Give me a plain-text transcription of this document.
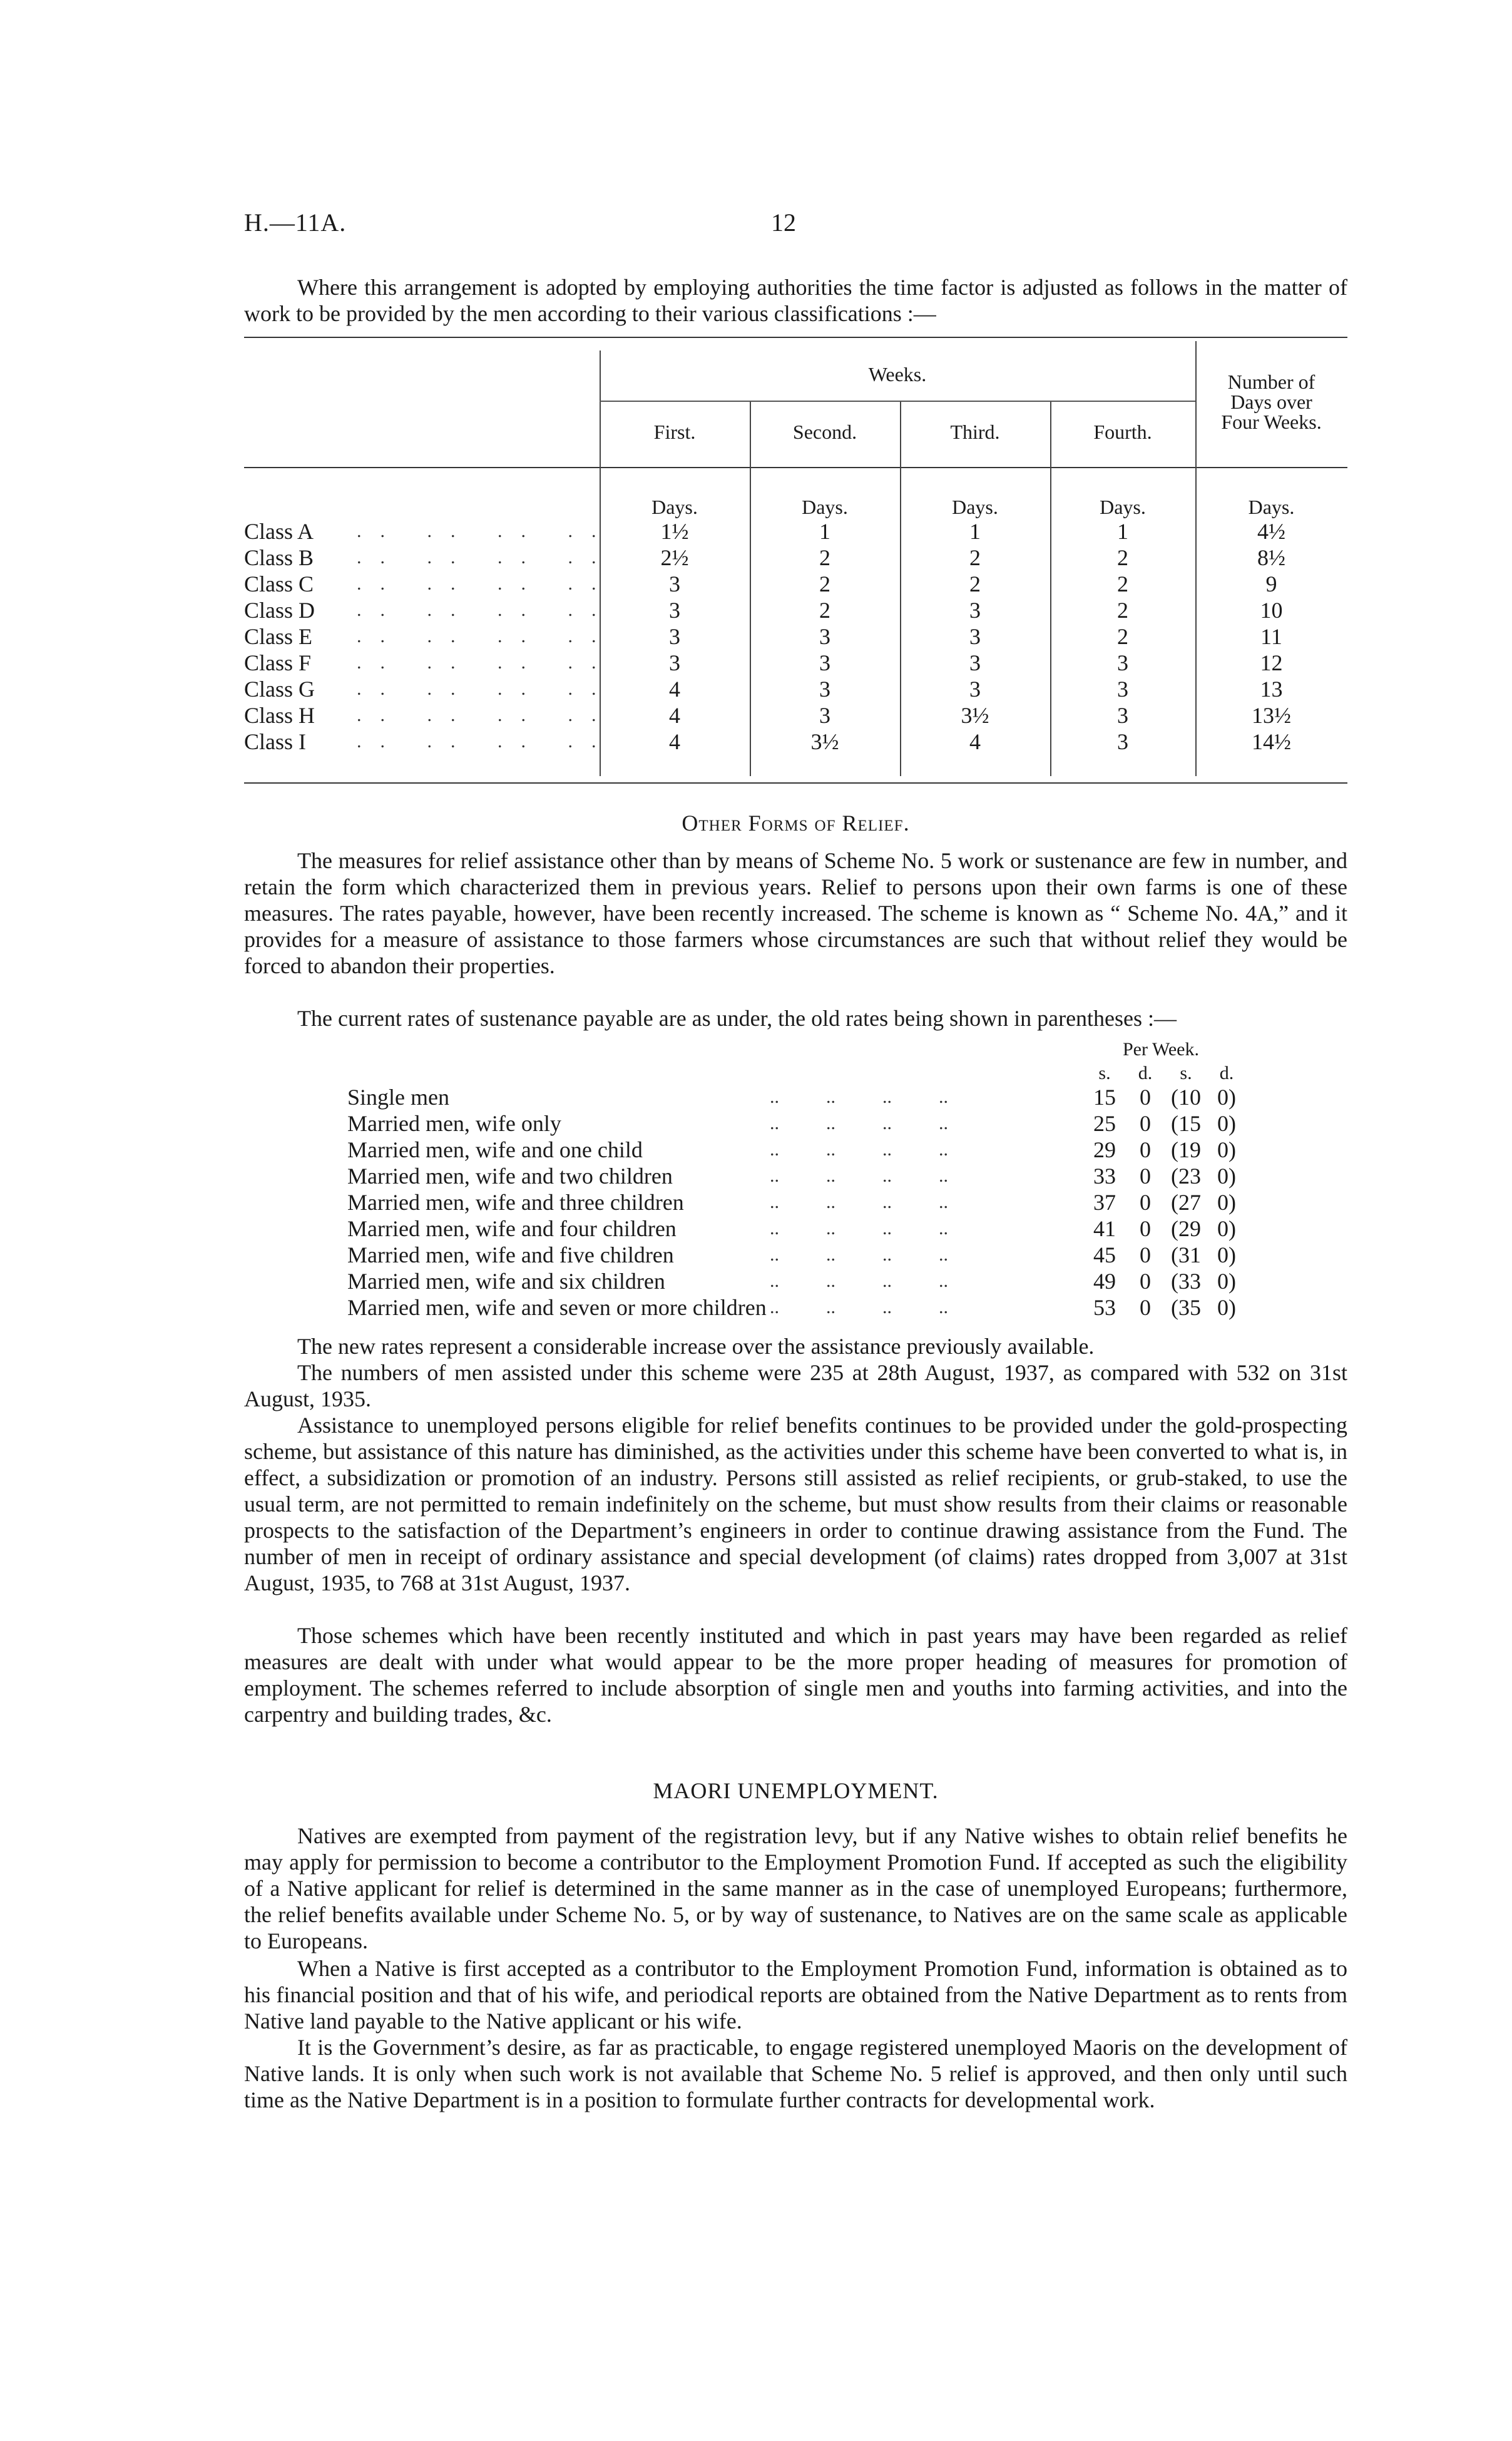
H.—11A.	12
Where this arrangement is adopted by employing authorities the time factor is adjusted as follows in the matter of work to be provided by the men according to their various classifications :—
Weeks.
First.	Second.	Third.	Fourth.
Number of
Days over
Four Weeks.
Days.	Days.	Days.	Days.	Days.
Class A .. .. .. ..	1½	1	1	1	4½
Class B .. .. .. ..	2½	2	2	2	8½
Class C .. .. .. ..	3	2	2	2	9
Class D .. .. .. ..	3	2	3	2	10
Class E .. .. .. ..	3	3	3	2	11
Class F .. .. .. ..	3	3	3	3	12
Class G .. .. .. ..	4	3	3	3	13
Class H .. .. .. ..	4	3	3½	3	13½
Class I	.. .. .. ..	4	3½	4	3	14½
Other Forms of Relief.
The measures for relief assistance other than by means of Scheme No. 5 work or sustenance are few in number, and retain the form which characterized them in previous years. Relief to persons upon their own farms is one of these measures. The rates payable, however, have been recently increased. The scheme is known as “ Scheme No. 4A,” and it provides for a measure of assistance to those farmers whose circumstances are such that without relief they would be forced to abandon their properties.
The current rates of sustenance payable are as under, the old rates being shown in parentheses :—
Per Week.
s.	d.	s.	d.
Single men	..          ..          ..          ..	15	0 (10 0)
Married men, wife only	..          ..          ..          ..	25	0 (15 0)
Married men, wife and one child	..          ..          ..          ..	29	0 (19 0)
Married men, wife and two children	..          ..          ..          ..	33	0 (23 0)
Married men, wife and three children	..          ..          ..          ..	37	0 (27 0)
Married men, wife and four children	..          ..          ..          ..	41	0 (29 0)
Married men, wife and five children	..          ..          ..          ..	45	0 (31 0)
Married men, wife and six children	..          ..          ..          ..	49	0 (33 0)
Married men, wife and seven or more children ..          ..          ..          ..	53	0 (35 0)
The new rates represent a considerable increase over the assistance previously available.
The numbers of men assisted under this scheme were 235 at 28th August, 1937, as compared with 532 on 31st August, 1935.
Assistance to unemployed persons eligible for relief benefits continues to be provided under the gold-prospecting scheme, but assistance of this nature has diminished, as the activities under this scheme have been converted to what is, in effect, a subsidization or promotion of an industry. Persons still assisted as relief recipients, or grub-staked, to use the usual term, are not permitted to remain indefinitely on the scheme, but must show results from their claims or reasonable prospects to the satisfaction of the Department’s engineers in order to continue drawing assistance from the Fund. The number of men in receipt of ordinary assistance and special development (of claims) rates dropped from 3,007 at 31st August, 1935, to 768 at 31st August, 1937.
Those schemes which have been recently instituted and which in past years may have been regarded as relief measures are dealt with under what would appear to be the more proper heading of measures for promotion of employment. The schemes referred to include absorption of single men and youths into farming activities, and into the carpentry and building trades, &c.
MAORI UNEMPLOYMENT.
Natives are exempted from payment of the registration levy, but if any Native wishes to obtain relief benefits he may apply for permission to become a contributor to the Employment Promotion Fund. If accepted as such the eligibility of a Native applicant for relief is determined in the same manner as in the case of unemployed Europeans; furthermore, the relief benefits available under Scheme No. 5, or by way of sustenance, to Natives are on the same scale as applicable to Europeans.
When a Native is first accepted as a contributor to the Employment Promotion Fund, information is obtained as to his financial position and that of his wife, and periodical reports are obtained from the Native Department as to rents from Native land payable to the Native applicant or his wife.
It is the Government’s desire, as far as practicable, to engage registered unemployed Maoris on the development of Native lands. It is only when such work is not available that Scheme No. 5 relief is approved, and then only until such time as the Native Department is in a position to formulate further contracts for developmental work.
